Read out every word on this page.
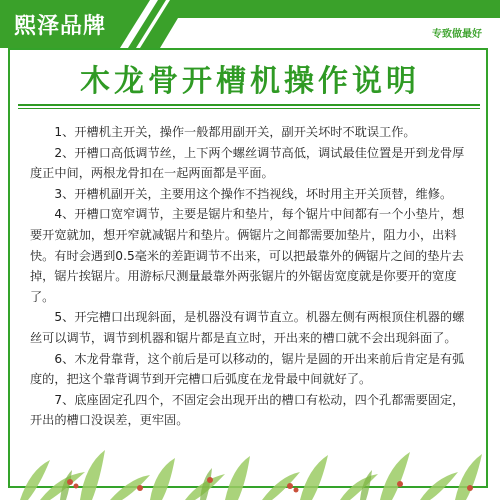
熙泽品牌	专致做最好
木龙骨开槽机操作说明

1、开槽机主开关，操作一般都用副开关，副开关坏时不耽误工作。

2、开槽口高低调节丝，上下两个螺丝调节高低，调试最佳位置是开到龙骨厚度正中间，两根龙骨扣在一起两面都是平面。

3、开槽机副开关，主要用这个操作不挡视线，坏时用主开关顶替，维修。

4、开槽口宽窄调节，主要是锯片和垫片，每个锯片中间都有一个小垫片，想要开宽就加，想开窄就减锯片和垫片。俩锯片之间都需要加垫片，阻力小，出料快。有时会遇到0.5毫米的差距调节不出来，可以把最靠外的俩锯片之间的垫片去掉，锯片挨锯片。用游标尺测量最靠外两张锯片的外锯齿宽度就是你要开的宽度了。

5、开完槽口出现斜面，是机器没有调节直立。机器左侧有两根顶住机器的螺丝可以调节，调节到机器和锯片都是直立时，开出来的槽口就不会出现斜面了。

6、木龙骨靠背，这个前后是可以移动的，锯片是圆的开出来前后肯定是有弧度的，把这个靠背调节到开完槽口后弧度在龙骨最中间就好了。

7、底座固定孔四个，不固定会出现开出的槽口有松动，四个孔都需要固定，开出的槽口没误差，更牢固。
